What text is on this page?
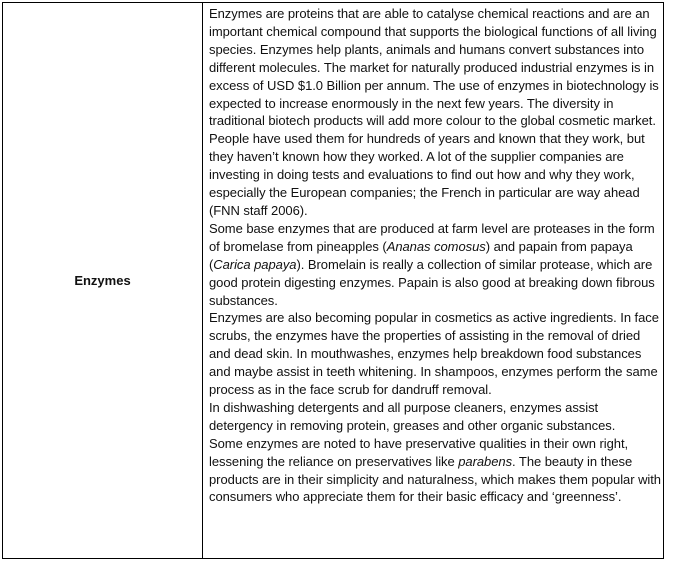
Enzymes

Enzymes are proteins that are able to catalyse chemical reactions and are an important chemical compound that supports the biological functions of all living species. Enzymes help plants, animals and humans convert substances into different molecules. The market for naturally produced industrial enzymes is in excess of USD $1.0 Billion per annum. The use of enzymes in biotechnology is expected to increase enormously in the next few years. The diversity in traditional biotech products will add more colour to the global cosmetic market. People have used them for hundreds of years and known that they work, but they haven’t known how they worked. A lot of the supplier companies are investing in doing tests and evaluations to find out how and why they work, especially the European companies; the French in particular are way ahead (FNN staff 2006).

Some base enzymes that are produced at farm level are proteases in the form of bromelase from pineapples (Ananas comosus) and papain from papaya (Carica papaya). Bromelain is really a collection of similar protease, which are good protein digesting enzymes. Papain is also good at breaking down fibrous substances.

Enzymes are also becoming popular in cosmetics as active ingredients. In face scrubs, the enzymes have the properties of assisting in the removal of dried and dead skin. In mouthwashes, enzymes help breakdown food substances and maybe assist in teeth whitening. In shampoos, enzymes perform the same process as in the face scrub for dandruff removal.

In dishwashing detergents and all purpose cleaners, enzymes assist detergency in removing protein, greases and other organic substances.

Some enzymes are noted to have preservative qualities in their own right, lessening the reliance on preservatives like parabens. The beauty in these products are in their simplicity and naturalness, which makes them popular with consumers who appreciate them for their basic efficacy and ‘greenness’.
